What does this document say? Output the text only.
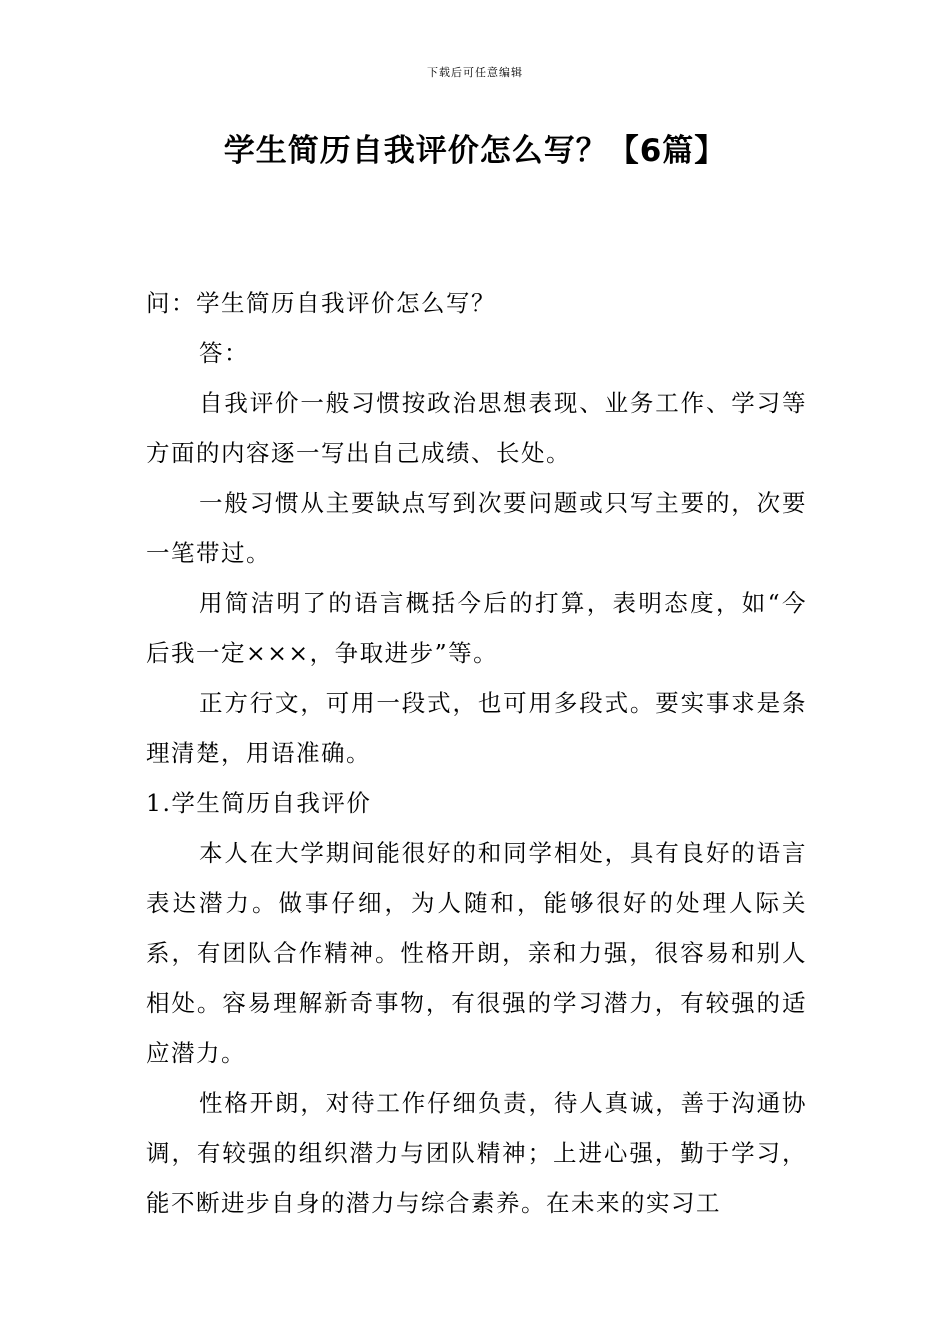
下载后可任意编辑
学生简历自我评价怎么写？【6篇】

问：学生简历自我评价怎么写？

答：

自我评价一般习惯按政治思想表现、业务工作、学习等方面的内容逐一写出自己成绩、长处。

一般习惯从主要缺点写到次要问题或只写主要的，次要一笔带过。

用简洁明了的语言概括今后的打算，表明态度，如“今后我一定×××，争取进步”等。

正方行文，可用一段式，也可用多段式。要实事求是条理清楚，用语准确。

1.学生简历自我评价

本人在大学期间能很好的和同学相处，具有良好的语言表达潜力。做事仔细，为人随和，能够很好的处理人际关系，有团队合作精神。性格开朗，亲和力强，很容易和别人相处。容易理解新奇事物，有很强的学习潜力，有较强的适应潜力。

性格开朗，对待工作仔细负责，待人真诚，善于沟通协调，有较强的组织潜力与团队精神；上进心强，勤于学习，能不断进步自身的潜力与综合素养。在未来的实习工
